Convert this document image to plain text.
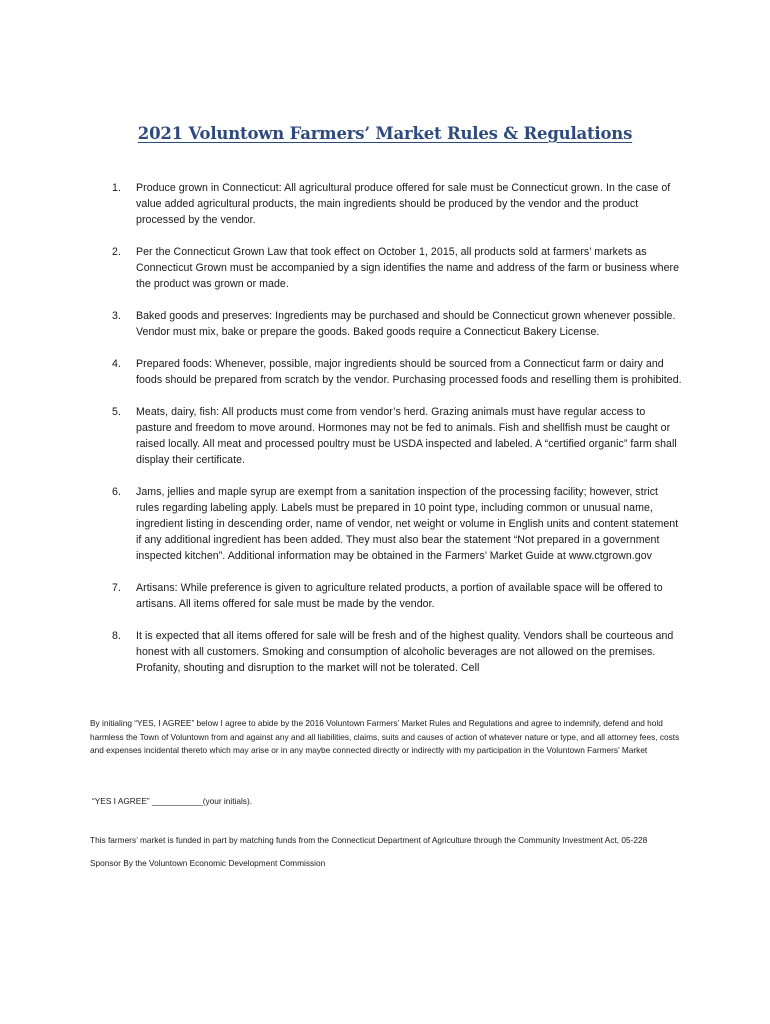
2021 Voluntown Farmers’ Market Rules & Regulations
1. Produce grown in Connecticut: All agricultural produce offered for sale must be Connecticut grown. In the case of value added agricultural products, the main ingredients should be produced by the vendor and the product processed by the vendor.
2. Per the Connecticut Grown Law that took effect on October 1, 2015, all products sold at farmers’ markets as Connecticut Grown must be accompanied by a sign identifies the name and address of the farm or business where the product was grown or made.
3. Baked goods and preserves: Ingredients may be purchased and should be Connecticut grown whenever possible. Vendor must mix, bake or prepare the goods. Baked goods require a Connecticut Bakery License.
4. Prepared foods: Whenever, possible, major ingredients should be sourced from a Connecticut farm or dairy and foods should be prepared from scratch by the vendor. Purchasing processed foods and reselling them is prohibited.
5. Meats, dairy, fish: All products must come from vendor’s herd. Grazing animals must have regular access to pasture and freedom to move around. Hormones may not be fed to animals. Fish and shellfish must be caught or raised locally. All meat and processed poultry must be USDA inspected and labeled. A “certified organic” farm shall display their certificate.
6. Jams, jellies and maple syrup are exempt from a sanitation inspection of the processing facility; however, strict rules regarding labeling apply. Labels must be prepared in 10 point type, including common or unusual name, ingredient listing in descending order, name of vendor, net weight or volume in English units and content statement if any additional ingredient has been added. They must also bear the statement “Not prepared in a government inspected kitchen”. Additional information may be obtained in the Farmers’ Market Guide at www.ctgrown.gov
7. Artisans: While preference is given to agriculture related products, a portion of available space will be offered to artisans. All items offered for sale must be made by the vendor.
8. It is expected that all items offered for sale will be fresh and of the highest quality. Vendors shall be courteous and honest with all customers. Smoking and consumption of alcoholic beverages are not allowed on the premises. Profanity, shouting and disruption to the market will not be tolerated. Cell

By initialing “YES, I AGREE” below I agree to abide by the 2016 Voluntown Farmers’ Market Rules and Regulations and agree to indemnify, defend and hold harmless the Town of Voluntown from and against any and all liabilities, claims, suits and causes of action of whatever nature or type, and all attorney fees, costs and expenses incidental thereto which may arise or in any maybe connected directly or indirectly with my participation in the Voluntown Farmers’ Market

“YES I AGREE” ___________(your initials).

This farmers’ market is funded in part by matching funds from the Connecticut Department of Agriculture through the Community Investment Act, 05-228

Sponsor By the Voluntown Economic Development Commission
